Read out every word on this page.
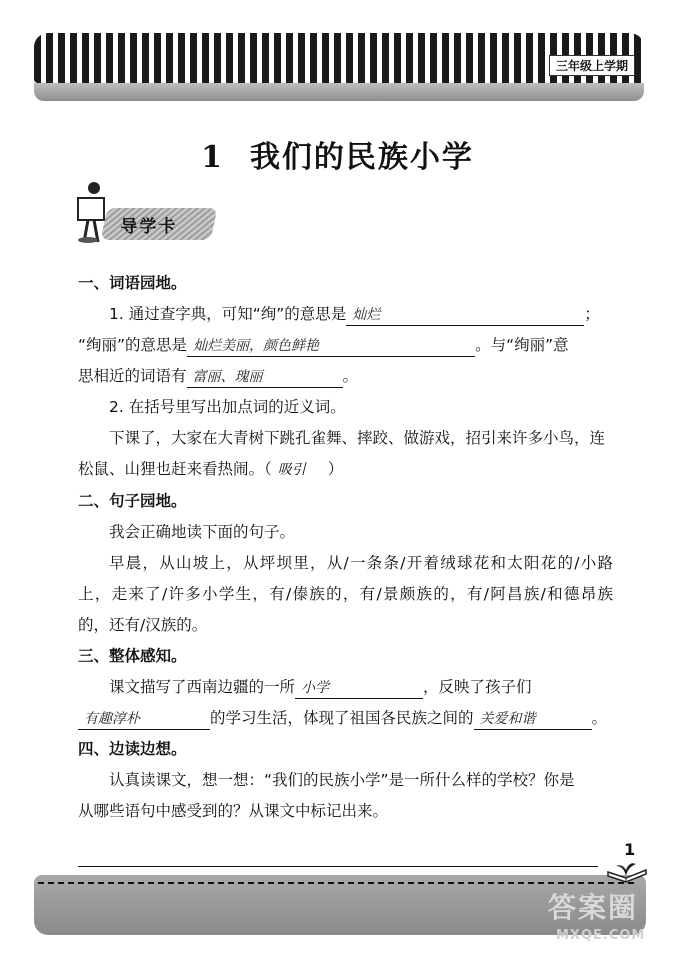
三年级上学期
1 我们的民族小学
导学卡

一、词语园地。

1. 通过查字典，可知“绚”的意思是 灿烂	；

“绚丽”的意思是 灿烂美丽，颜色鲜艳	。与“绚丽”意

思相近的词语有 富丽、瑰丽	。

2. 在括号里写出加点词的近义词。

下课了，大家在大青树下跳孔雀舞、摔跤、做游戏，招引来许多小鸟，连

松鼠、山狸也赶来看热闹。（ 吸引 ）

二、句子园地。

我会正确地读下面的句子。

早晨，从山坡上，从坪坝里，从/一条条/开着绒球花和太阳花的/小路

上，走来了/许多小学生，有/傣族的，有/景颇族的，有/阿昌族/和德昂族

的，还有/汉族的。

三、整体感知。

课文描写了西南边疆的一所 小学	，反映了孩子们

有趣淳朴	的学习生活，体现了祖国各民族之间的 关爱和谐	。

四、边读边想。

认真读课文，想一想：“我们的民族小学”是一所什么样的学校？你是

从哪些语句中感受到的？从课文中标记出来。

1
答案圈
MXQE.COM
